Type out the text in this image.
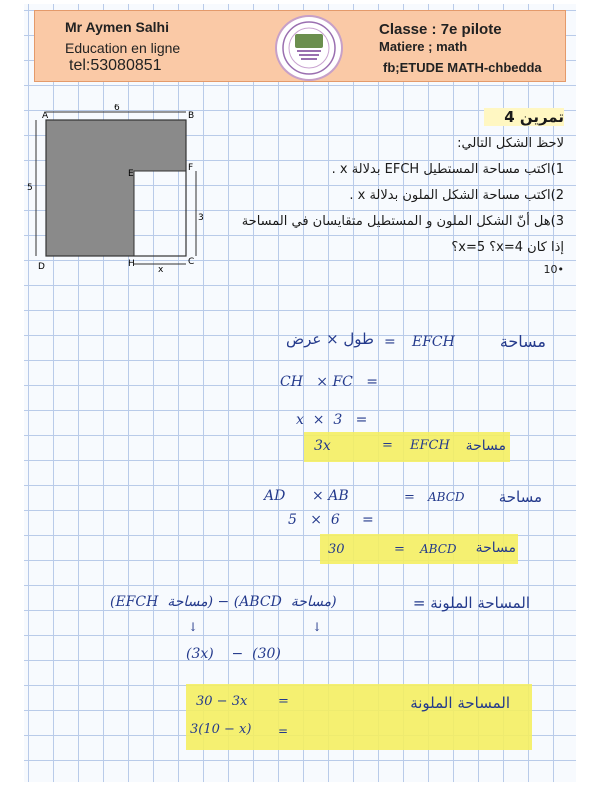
Mr Aymen Salhi
Education en ligne
tel:53080851
Classe : 7e pilote
Matiere ; math
fb;ETUDE MATH-chbedda
A	B
C
D
E
F
H
6
5
3
x
تمرين 4
لاحظ الشكل التالي:
1)اكتب مساحة المستطيل EFCH بدلالة x .
2)اكتب مساحة الشكل الملون بدلالة x .
3)هل أنّ الشكل الملون و المستطيل متقايسان في المساحة
إذا كان x=4؟ x=5؟
•10
مساحة
EFCH
=
طول × عرض
CH   × FC   =
x  ×  3   =
مساحة
EFCH
=
3x
مساحة
ABCD
=
AD      × AB
5   ×  6     =
مساحة
ABCD
=
30
المساحة الملونة =
(EFCH  مساحة) − (ABCD  مساحة)
↓	↓
(3x)    −  (30)
المساحة الملونة
=
30 − 3x
3(10 − x) =
